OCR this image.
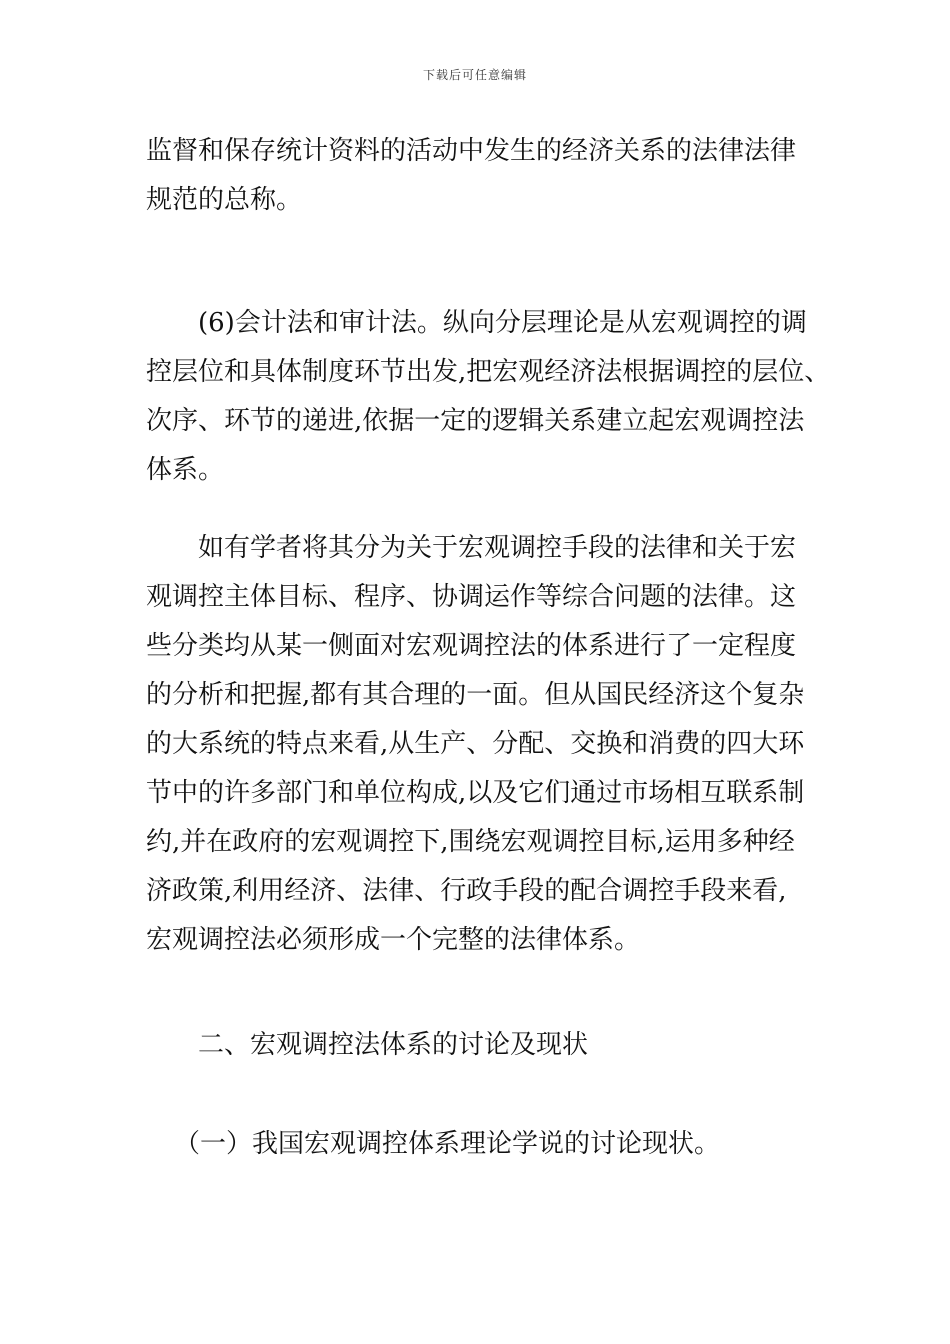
下载后可任意编辑
监督和保存统计资料的活动中发生的经济关系的法律法律
规范的总称。
(6)会计法和审计法。纵向分层理论是从宏观调控的调
控层位和具体制度环节出发,把宏观经济法根据调控的层位、
次序、环节的递进,依据一定的逻辑关系建立起宏观调控法
体系。
如有学者将其分为关于宏观调控手段的法律和关于宏
观调控主体目标、程序、协调运作等综合问题的法律。这
些分类均从某一侧面对宏观调控法的体系进行了一定程度
的分析和把握,都有其合理的一面。但从国民经济这个复杂
的大系统的特点来看,从生产、分配、交换和消费的四大环
节中的许多部门和单位构成,以及它们通过市场相互联系制
约,并在政府的宏观调控下,围绕宏观调控目标,运用多种经
济政策,利用经济、法律、行政手段的配合调控手段来看,
宏观调控法必须形成一个完整的法律体系。
二、宏观调控法体系的讨论及现状
（一）我国宏观调控体系理论学说的讨论现状。
